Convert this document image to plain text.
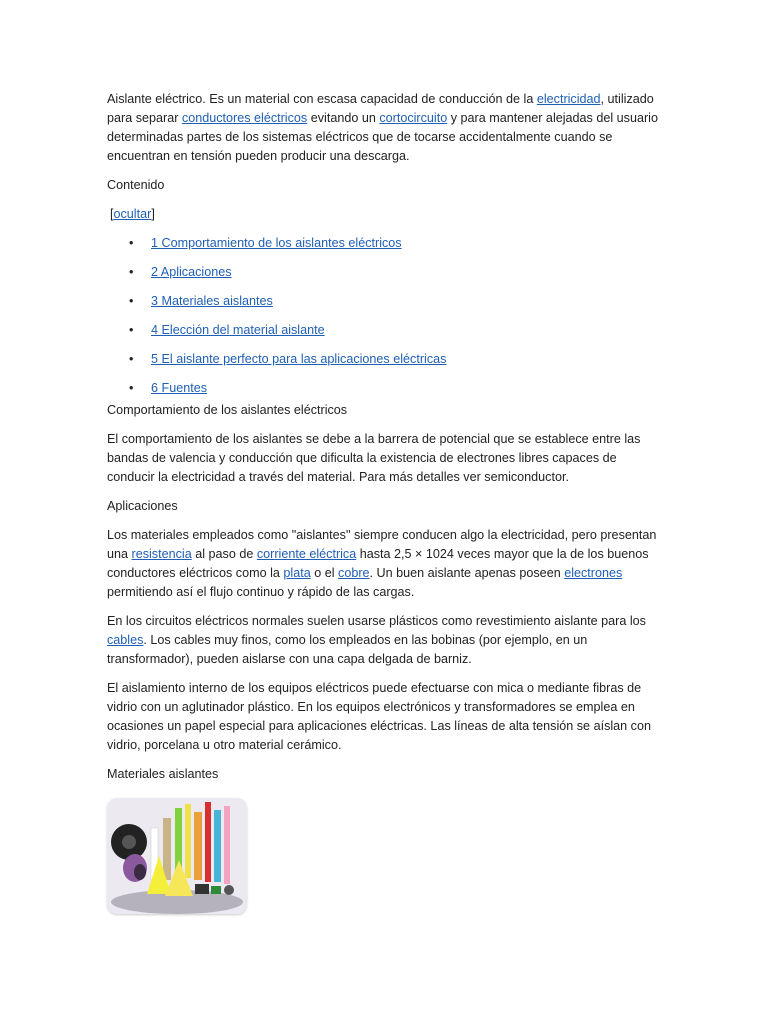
Aislante eléctrico. Es un material con escasa capacidad de conducción de la electricidad, utilizado para separar conductores eléctricos evitando un cortocircuito y para mantener alejadas del usuario determinadas partes de los sistemas eléctricos que de tocarse accidentalmente cuando se encuentran en tensión pueden producir una descarga.

Contenido

[ocultar]

• 1 Comportamiento de los aislantes eléctricos
• 2 Aplicaciones
• 3 Materiales aislantes
• 4 Elección del material aislante
• 5 El aislante perfecto para las aplicaciones eléctricas
• 6 Fuentes

Comportamiento de los aislantes eléctricos

El comportamiento de los aislantes se debe a la barrera de potencial que se establece entre las bandas de valencia y conducción que dificulta la existencia de electrones libres capaces de conducir la electricidad a través del material. Para más detalles ver semiconductor.

Aplicaciones

Los materiales empleados como "aislantes" siempre conducen algo la electricidad, pero presentan una resistencia al paso de corriente eléctrica hasta 2,5 × 1024 veces mayor que la de los buenos conductores eléctricos como la plata o el cobre. Un buen aislante apenas poseen electrones permitiendo así el flujo continuo y rápido de las cargas.

En los circuitos eléctricos normales suelen usarse plásticos como revestimiento aislante para los cables. Los cables muy finos, como los empleados en las bobinas (por ejemplo, en un transformador), pueden aislarse con una capa delgada de barniz.

El aislamiento interno de los equipos eléctricos puede efectuarse con mica o mediante fibras de vidrio con un aglutinador plástico. En los equipos electrónicos y transformadores se emplea en ocasiones un papel especial para aplicaciones eléctricas. Las líneas de alta tensión se aíslan con vidrio, porcelana u otro material cerámico.

Materiales aislantes
